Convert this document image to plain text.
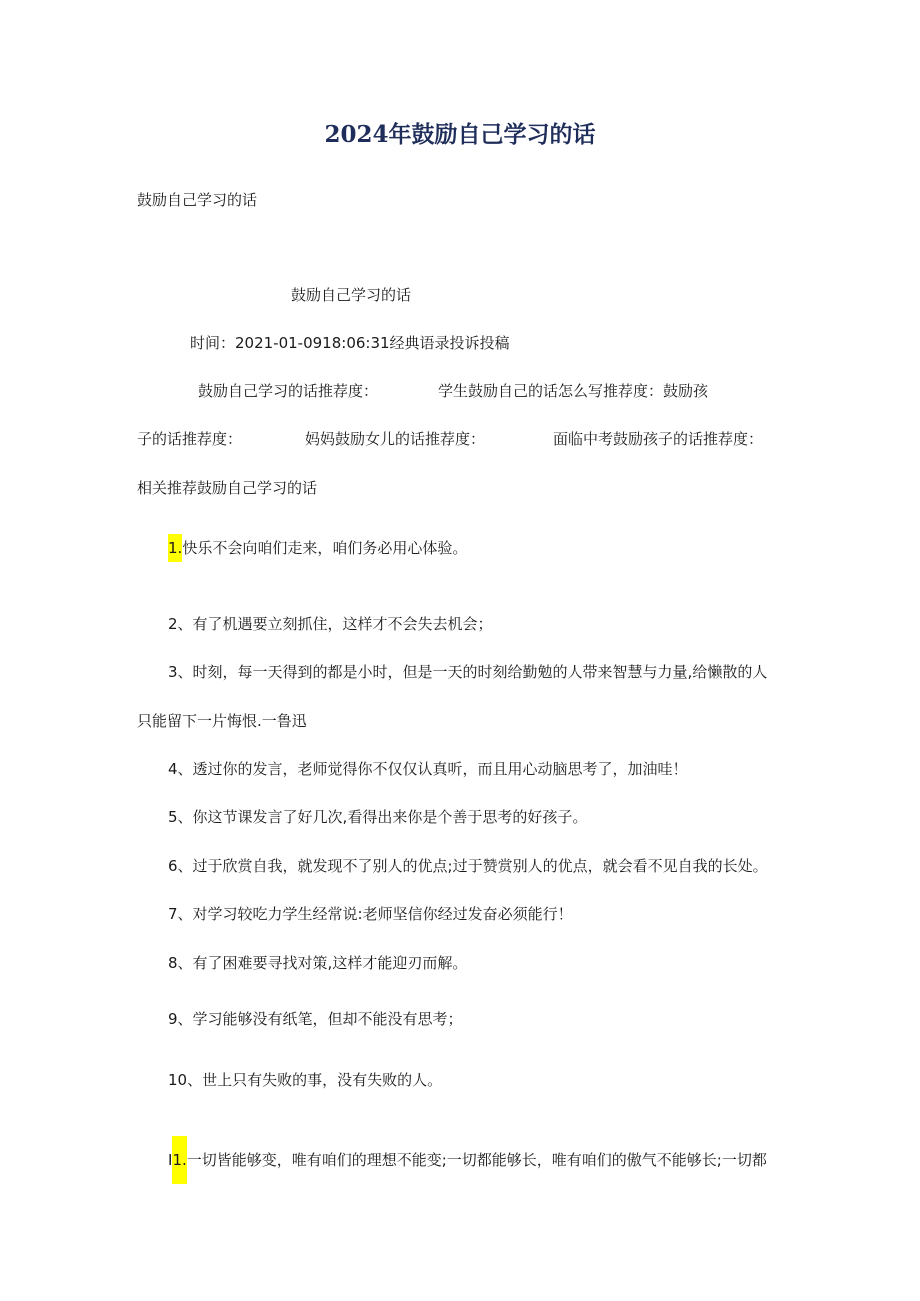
2024年鼓励自己学习的话
鼓励自己学习的话
鼓励自己学习的话
时间：2021-01-0918:06:31经典语录投诉投稿
鼓励自己学习的话推荐度：	学生鼓励自己的话怎么写推荐度：鼓励孩
子的话推荐度：	妈妈鼓励女儿的话推荐度：	面临中考鼓励孩子的话推荐度：
相关推荐鼓励自己学习的话
1.快乐不会向咱们走来，咱们务必用心体验。
2、有了机遇要立刻抓住，这样才不会失去机会；
3、时刻，每一天得到的都是小时，但是一天的时刻给勤勉的人带来智慧与力量,给懒散的人
只能留下一片悔恨.一鲁迅
4、透过你的发言，老师觉得你不仅仅认真听，而且用心动脑思考了，加油哇！
5、你这节课发言了好几次,看得出来你是个善于思考的好孩子。
6、过于欣赏自我，就发现不了别人的优点;过于赞赏别人的优点，就会看不见自我的长处。
7、对学习较吃力学生经常说:老师坚信你经过发奋必须能行！
8、有了困难要寻找对策,这样才能迎刃而解。
9、学习能够没有纸笔，但却不能没有思考；
10、世上只有失败的事，没有失败的人。
I1.一切皆能够变，唯有咱们的理想不能变;一切都能够长，唯有咱们的傲气不能够长;一切都
